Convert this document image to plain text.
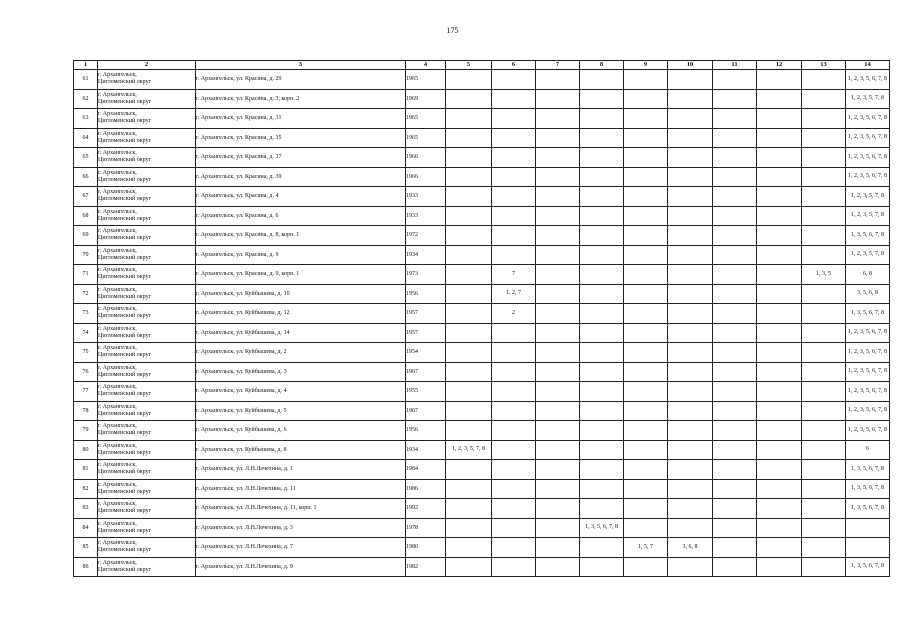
175
1	2	3	4	5	6	7	8	9	10	11	12	13	14
61	г. Архангельск,
Цигломенский округ	г. Архангельск, ул. Красина, д. 29	1965										1, 2, 3, 5, 6, 7, 8
62	г. Архангельск,
Цигломенский округ	г. Архангельск, ул. Красина, д. 3, корп. 2	1969										1, 2, 3, 5, 7, 8
63	г. Архангельск,
Цигломенский округ	г. Архангельск, ул. Красина, д. 31	1965										1, 2, 3, 5, 6, 7, 8
64	г. Архангельск,
Цигломенский округ	г. Архангельск, ул. Красина, д. 35	1965										1, 2, 3, 5, 6, 7, 8
65	г. Архангельск,
Цигломенский округ	г. Архангельск, ул. Красина, д. 37	1966										1, 2, 3, 5, 6, 7, 8
66	г. Архангельск,
Цигломенский округ	г. Архангельск, ул. Красина, д. 39	1966										1, 2, 3, 5, 6, 7, 8
67	г. Архангельск,
Цигломенский округ	г. Архангельск, ул. Красина, д. 4	1933										1, 2, 3, 5, 7, 8
68	г. Архангельск,
Цигломенский округ	г. Архангельск, ул. Красина, д. 6	1933										1, 2, 3, 5, 7, 8
69	г. Архангельск,
Цигломенский округ	г. Архангельск, ул. Красина, д. 8, корп. 1	1972										1, 3, 5, 6, 7, 8
70	г. Архангельск,
Цигломенский округ	г. Архангельск, ул. Красина, д. 9	1934										1, 2, 3, 5, 7, 8
71	г. Архангельск,
Цигломенский округ	г. Архангельск, ул. Красина, д. 9, корп. 1	1973		7							1, 3, 5	6, 8
72	г. Архангельск,
Цигломенский округ	г. Архангельск, ул. Куйбышева, д. 10	1956		1, 2, 7								3, 5, 6, 8
73	г. Архангельск,
Цигломенский округ	г. Архангельск, ул. Куйбышева, д. 12	1957		2								1, 3, 5, 6, 7, 8
74	г. Архангельск,
Цигломенский округ	г. Архангельск, ул. Куйбышева, д. 14	1957										1, 2, 3, 5, 6, 7, 8
75	г. Архангельск,
Цигломенский округ	г. Архангельск, ул. Куйбышева, д. 2	1954										1, 2, 3, 5, 6, 7, 8
76	г. Архангельск,
Цигломенский округ	г. Архангельск, ул. Куйбышева, д. 3	1967										1, 2, 3, 5, 6, 7, 8
77	г. Архангельск,
Цигломенский округ	г. Архангельск, ул. Куйбышева, д. 4	1955										1, 2, 3, 5, 6, 7, 8
78	г. Архангельск,
Цигломенский округ	г. Архангельск, ул. Куйбышева, д. 5	1967										1, 2, 3, 5, 6, 7, 8
79	г. Архангельск,
Цигломенский округ	г. Архангельск, ул. Куйбышева, д. 6	1956										1, 2, 3, 5, 6, 7, 8
80	г. Архангельск,
Цигломенский округ	г. Архангельск, ул. Куйбышева, д. 8	1934	1, 2, 3, 5, 7, 8									6
81	г. Архангельск,
Цигломенский округ	г. Архангельск, ул. Л.Н.Лочехина, д. 1	1984										1, 3, 5, 6, 7, 8
82	г. Архангельск,
Цигломенский округ	г. Архангельск, ул. Л.Н.Лочехина, д. 11	1986										1, 3, 5, 6, 7, 8
83	г. Архангельск,
Цигломенский округ	г. Архангельск, ул. Л.Н.Лочехина, д. 11, корп. 1	1992										1, 3, 5, 6, 7, 8
84	г. Архангельск,
Цигломенский округ	г. Архангельск, ул. Л.Н.Лочехина, д. 3	1978				1, 3, 5, 6, 7, 8						
85	г. Архангельск,
Цигломенский округ	г. Архангельск, ул. Л.Н.Лочехина, д. 7	1980					1, 5, 7	3, 6, 8				
86	г. Архангельск,
Цигломенский округ	г. Архангельск, ул. Л.Н.Лочехина, д. 9	1982										1, 3, 5, 6, 7, 8
